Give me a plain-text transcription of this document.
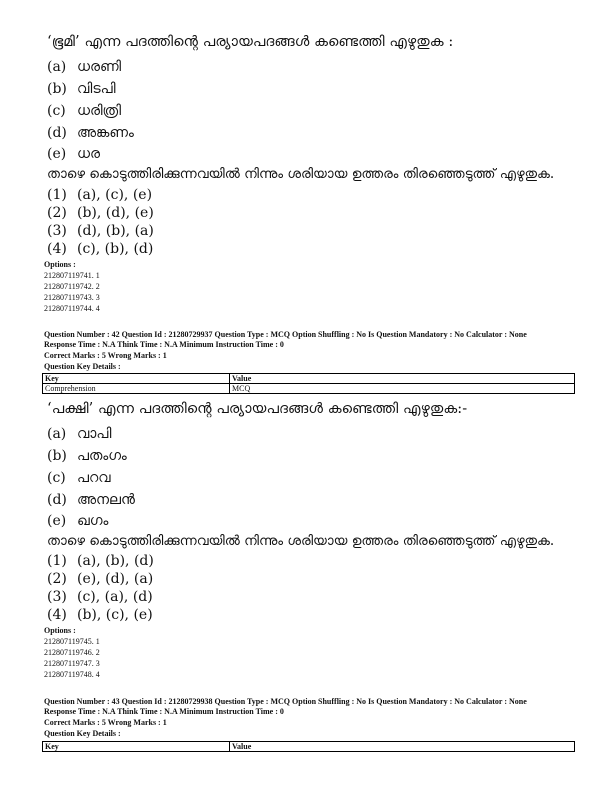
‘ഭൂമി’ എന്ന പദത്തിന്റെ പര്യായപദങ്ങൾ കണ്ടെത്തി എഴുതുക :
(a) ധരണി
(b) വിടപി
(c) ധരിത്രി
(d) അങ്കണം
(e) ധര
താഴെ കൊടുത്തിരിക്കുന്നവയിൽ നിന്നും ശരിയായ ഉത്തരം തിരഞ്ഞെടുത്ത് എഴുതുക.
(1) (a), (c), (e)
(2) (b), (d), (e)
(3) (d), (b), (a)
(4) (c), (b), (d)
Options :
212807119741. 1
212807119742. 2
212807119743. 3
212807119744. 4
Question Number : 42 Question Id : 21280729937 Question Type : MCQ Option Shuffling : No Is Question Mandatory : No Calculator : None
Response Time : N.A Think Time : N.A Minimum Instruction Time : 0
Correct Marks : 5 Wrong Marks : 1
Question Key Details :
Key	Value
Comprehension	MCQ
‘പക്ഷി’ എന്ന പദത്തിന്റെ പര്യായപദങ്ങൾ കണ്ടെത്തി എഴുതുക:-
(a) വാപി
(b) പതംഗം
(c) പറവ
(d) അനലൻ
(e) ഖഗം
താഴെ കൊടുത്തിരിക്കുന്നവയിൽ നിന്നും ശരിയായ ഉത്തരം തിരഞ്ഞെടുത്ത് എഴുതുക.
(1) (a), (b), (d)
(2) (e), (d), (a)
(3) (c), (a), (d)
(4) (b), (c), (e)
Options :
212807119745. 1
212807119746. 2
212807119747. 3
212807119748. 4
Question Number : 43 Question Id : 21280729938 Question Type : MCQ Option Shuffling : No Is Question Mandatory : No Calculator : None
Response Time : N.A Think Time : N.A Minimum Instruction Time : 0
Correct Marks : 5 Wrong Marks : 1
Question Key Details :
Key	Value
